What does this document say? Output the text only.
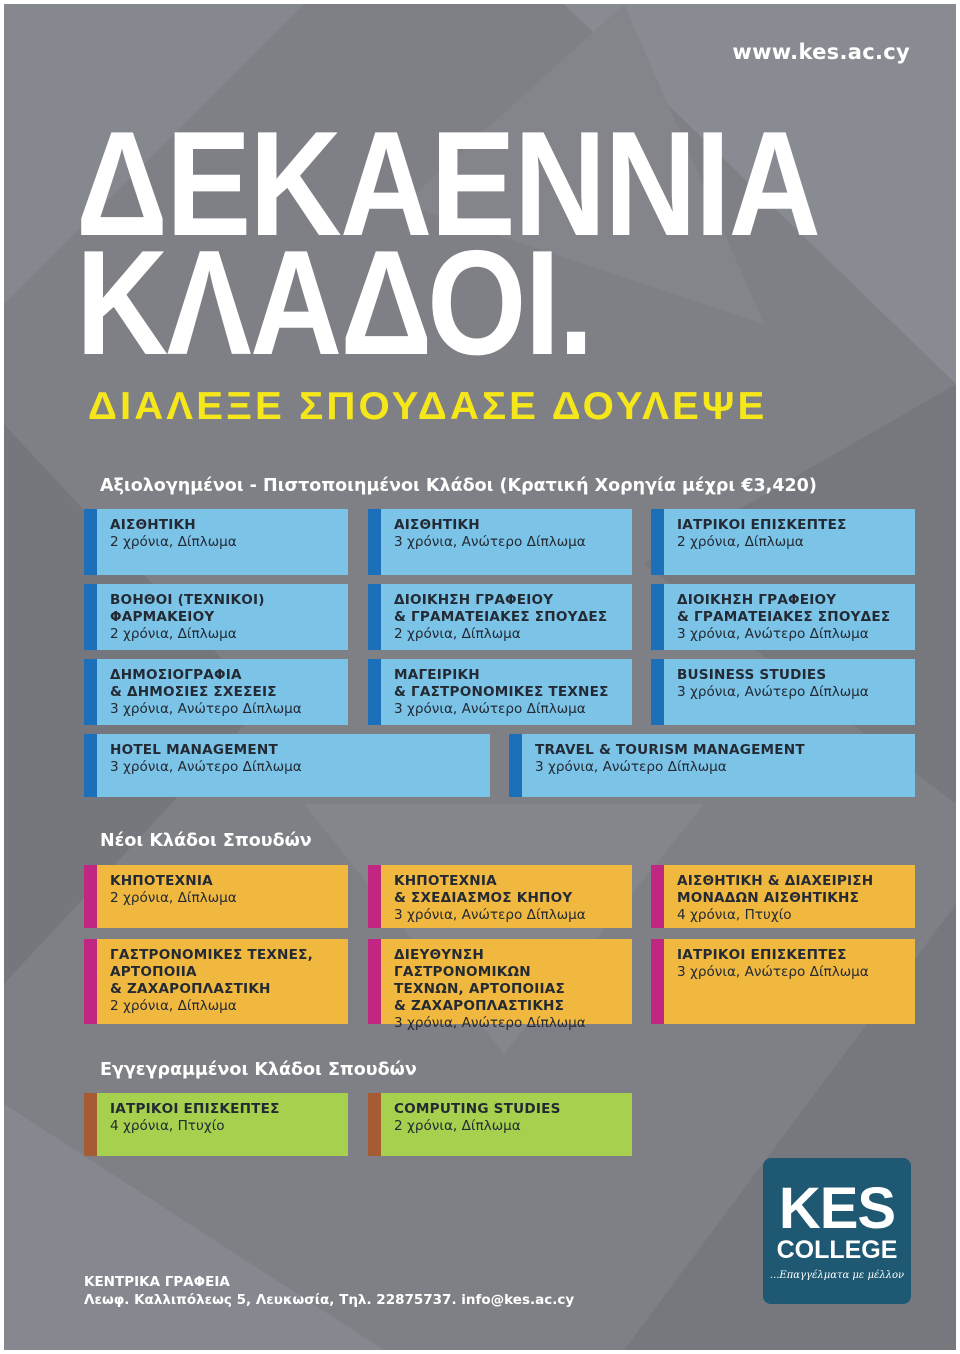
www.kes.ac.cy
ΔΕΚΑΕΝΝΙΑ
ΚΛΑΔΟΙ.
ΔΙΑΛΕΞΕ ΣΠΟΥΔΑΣΕ ΔΟΥΛΕΨΕ
Αξιολογημένοι - Πιστοποιημένοι Κλάδοι (Κρατική Χορηγία μέχρι €3,420)
ΑΙΣΘΗΤΙΚΗ
2 χρόνια, Δίπλωμα
ΑΙΣΘΗΤΙΚΗ
3 χρόνια, Ανώτερο Δίπλωμα
ΙΑΤΡΙΚΟΙ ΕΠΙΣΚΕΠΤΕΣ
2 χρόνια, Δίπλωμα
ΒΟΗΘΟΙ (ΤΕΧΝΙΚΟΙ)
ΦΑΡΜΑΚΕΙΟΥ
2 χρόνια, Δίπλωμα
ΔΙΟΙΚΗΣΗ ΓΡΑΦΕΙΟΥ
& ΓΡΑΜΑΤΕΙΑΚΕΣ ΣΠΟΥΔΕΣ
2 χρόνια, Δίπλωμα
ΔΙΟΙΚΗΣΗ ΓΡΑΦΕΙΟΥ
& ΓΡΑΜΑΤΕΙΑΚΕΣ ΣΠΟΥΔΕΣ
3 χρόνια, Ανώτερο Δίπλωμα
ΔΗΜΟΣΙΟΓΡΑΦΙΑ
& ΔΗΜΟΣΙΕΣ ΣΧΕΣΕΙΣ
3 χρόνια, Ανώτερο Δίπλωμα
ΜΑΓΕΙΡΙΚΗ
& ΓΑΣΤΡΟΝΟΜΙΚΕΣ ΤΕΧΝΕΣ
3 χρόνια, Ανώτερο Δίπλωμα
BUSINESS STUDIES
3 χρόνια, Ανώτερο Δίπλωμα
HOTEL MANAGEMENT
3 χρόνια, Ανώτερο Δίπλωμα
TRAVEL & TOURISM MANAGEMENT
3 χρόνια, Ανώτερο Δίπλωμα
Νέοι Κλάδοι Σπουδών
ΚΗΠΟΤΕΧΝΙΑ
2 χρόνια, Δίπλωμα
ΚΗΠΟΤΕΧΝΙΑ
& ΣΧΕΔΙΑΣΜΟΣ ΚΗΠΟΥ
3 χρόνια, Ανώτερο Δίπλωμα
ΑΙΣΘΗΤΙΚΗ & ΔΙΑΧΕΙΡΙΣΗ
ΜΟΝΑΔΩΝ ΑΙΣΘΗΤΙΚΗΣ
4 χρόνια, Πτυχίο
ΓΑΣΤΡΟΝΟΜΙΚΕΣ ΤΕΧΝΕΣ,
ΑΡΤΟΠΟΙΙΑ
& ΖΑΧΑΡΟΠΛΑΣΤΙΚΗ
2 χρόνια, Δίπλωμα
ΔΙΕΥΘΥΝΣΗ ΓΑΣΤΡΟΝΟΜΙΚΩΝ
ΤΕΧΝΩΝ, ΑΡΤΟΠΟΙΙΑΣ
& ΖΑΧΑΡΟΠΛΑΣΤΙΚΗΣ
3 χρόνια, Ανώτερο Δίπλωμα
ΙΑΤΡΙΚΟΙ ΕΠΙΣΚΕΠΤΕΣ
3 χρόνια, Ανώτερο Δίπλωμα
Εγγεγραμμένοι Κλάδοι Σπουδών
ΙΑΤΡΙΚΟΙ ΕΠΙΣΚΕΠΤΕΣ
4 χρόνια, Πτυχίο
COMPUTING STUDIES
2 χρόνια, Δίπλωμα
KES
COLLEGE
...Επαγγέλματα με μέλλον
ΚΕΝΤΡΙΚΑ ΓΡΑΦΕΙΑ
Λεωφ. Καλλιπόλεως 5, Λευκωσία, Τηλ. 22875737. info@kes.ac.cy
